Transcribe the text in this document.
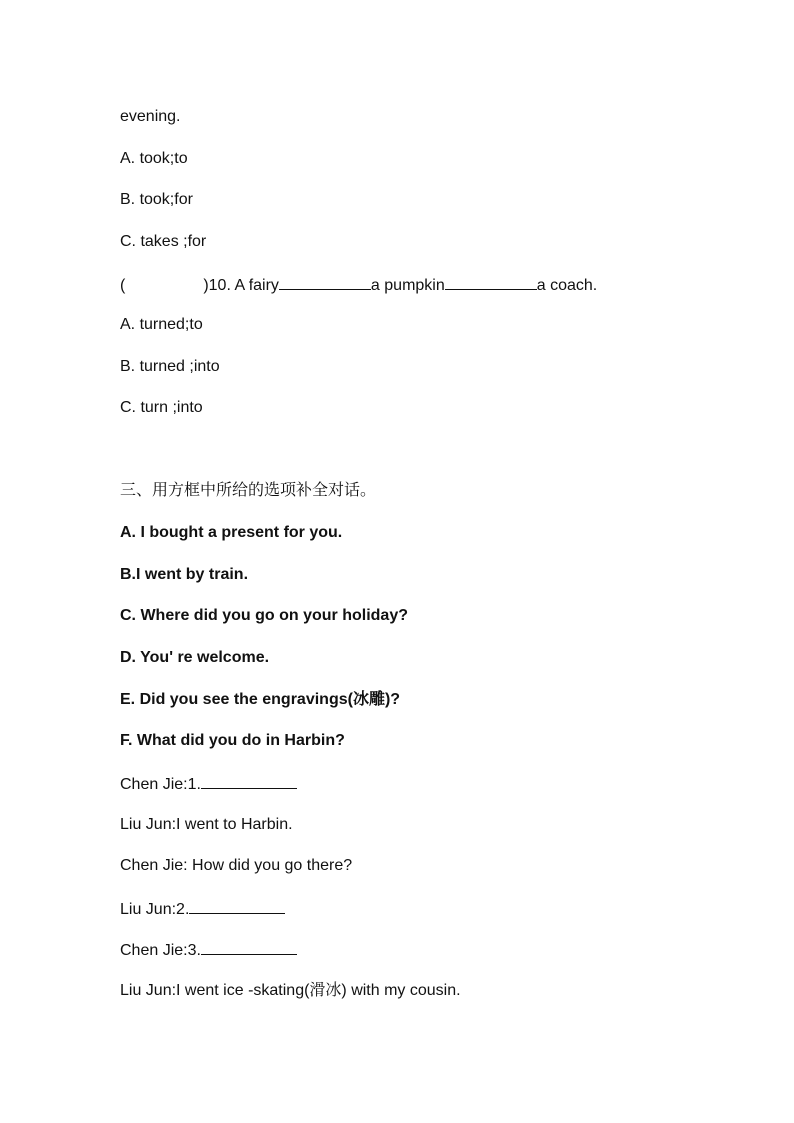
evening.
A. took;to
B. took;for
C. takes ;for
(	)10. A fairy	a pumpkin	a coach.
A. turned;to
B. turned ;into
C. turn ;into
三、用方框中所给的选项补全对话。
A. I bought a present for you.
B.I went by train.
C. Where did you go on your holiday?
D. You' re welcome.
E. Did you see the engravings(冰雕)?
F. What did you do in Harbin?
Chen Jie:1.
Liu Jun:I went to Harbin.
Chen Jie: How did you go there?
Liu Jun:2.
Chen Jie:3.
Liu Jun:I went ice -skating(滑冰) with my cousin.
